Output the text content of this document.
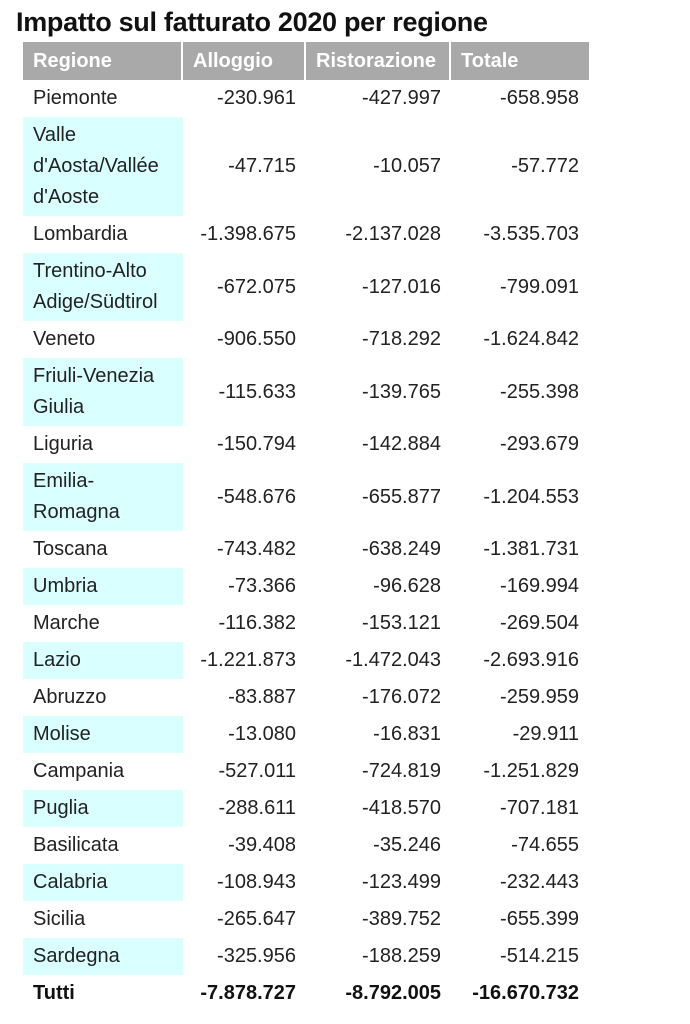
Impatto sul fatturato 2020 per regione
Regione	Alloggio	Ristorazione	Totale
Piemonte	-230.961	-427.997	-658.958
Valle d'Aosta/Vallée d'Aoste	-47.715	-10.057	-57.772
Lombardia	-1.398.675	-2.137.028	-3.535.703
Trentino-Alto Adige/Südtirol	-672.075	-127.016	-799.091
Veneto	-906.550	-718.292	-1.624.842
Friuli-Venezia Giulia	-115.633	-139.765	-255.398
Liguria	-150.794	-142.884	-293.679
Emilia-Romagna	-548.676	-655.877	-1.204.553
Toscana	-743.482	-638.249	-1.381.731
Umbria	-73.366	-96.628	-169.994
Marche	-116.382	-153.121	-269.504
Lazio	-1.221.873	-1.472.043	-2.693.916
Abruzzo	-83.887	-176.072	-259.959
Molise	-13.080	-16.831	-29.911
Campania	-527.011	-724.819	-1.251.829
Puglia	-288.611	-418.570	-707.181
Basilicata	-39.408	-35.246	-74.655
Calabria	-108.943	-123.499	-232.443
Sicilia	-265.647	-389.752	-655.399
Sardegna	-325.956	-188.259	-514.215
Tutti	-7.878.727	-8.792.005	-16.670.732
